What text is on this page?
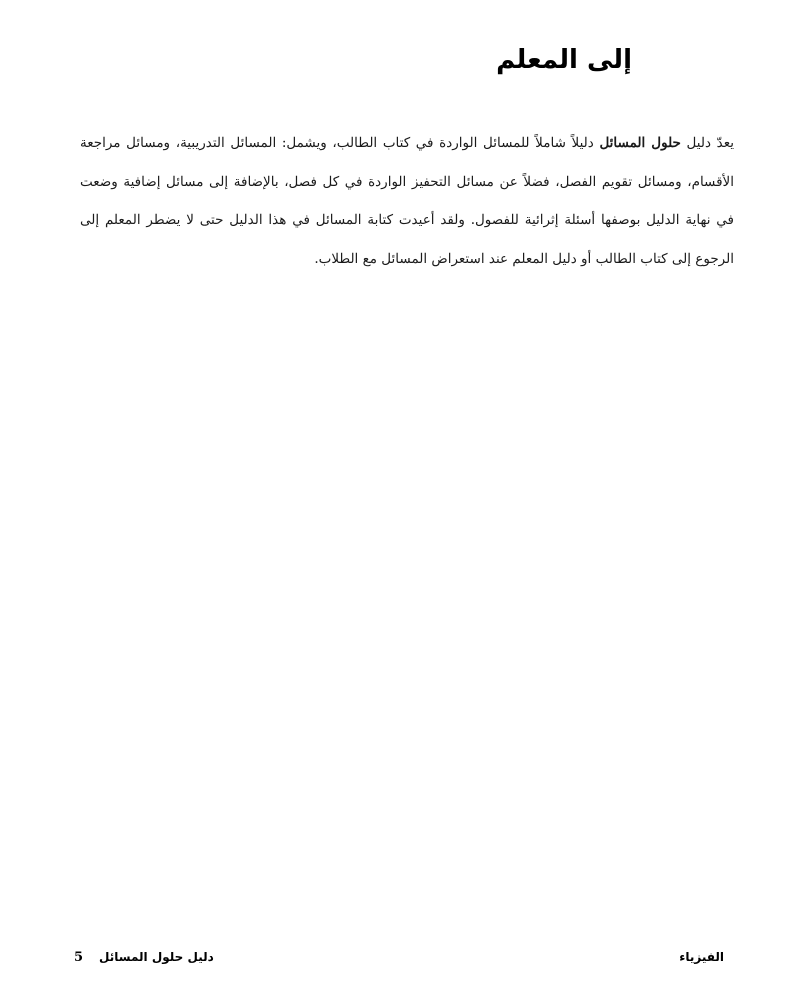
إلى المعلم

يعدّ دليل حلول المسائل دليلاً شاملاً للمسائل الواردة في كتاب الطالب، ويشمل: المسائل التدريبية، ومسائل مراجعة الأقسام، ومسائل تقويم الفصل، فضلاً عن مسائل التحفيز الواردة في كل فصل، بالإضافة إلى مسائل إضافية وضعت في نهاية الدليل بوصفها أسئلة إثرائية للفصول. ولقد أعيدت كتابة المسائل في هذا الدليل حتى لا يضطر المعلم إلى الرجوع إلى كتاب الطالب أو دليل المعلم عند استعراض المسائل مع الطلاب.

الفيزياء
دليل حلول المسائل
5
